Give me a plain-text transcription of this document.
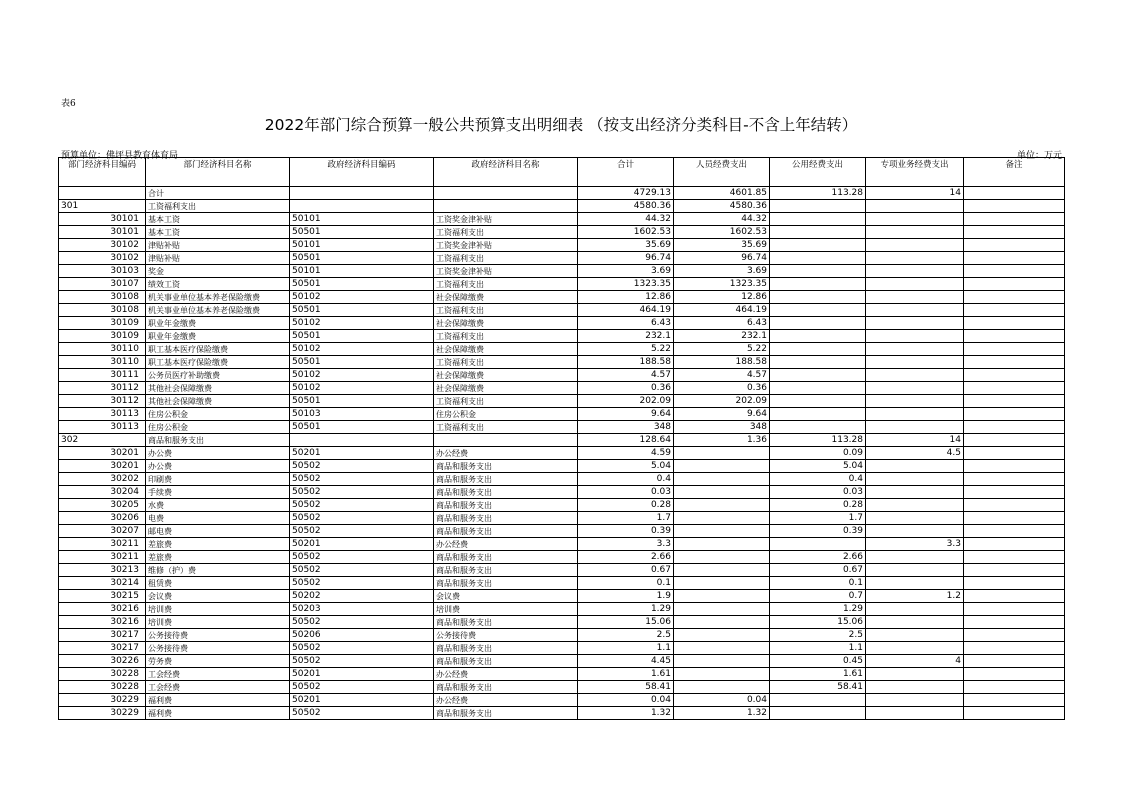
表6
2022年部门综合预算一般公共预算支出明细表 （按支出经济分类科目-不含上年结转）
预算单位：佛坪县教育体育局	单位：万元
部门经济科目编码	部门经济科目名称	政府经济科目编码	政府经济科目名称	合计	人员经费支出	公用经费支出	专项业务经费支出	备注
	合计			4729.13	4601.85	113.28	14	
301	工资福利支出			4580.36	4580.36			
30101	基本工资	50101	工资奖金津补贴	44.32	44.32			
30101	基本工资	50501	工资福利支出	1602.53	1602.53			
30102	津贴补贴	50101	工资奖金津补贴	35.69	35.69			
30102	津贴补贴	50501	工资福利支出	96.74	96.74			
30103	奖金	50101	工资奖金津补贴	3.69	3.69			
30107	绩效工资	50501	工资福利支出	1323.35	1323.35			
30108	机关事业单位基本养老保险缴费	50102	社会保障缴费	12.86	12.86			
30108	机关事业单位基本养老保险缴费	50501	工资福利支出	464.19	464.19			
30109	职业年金缴费	50102	社会保障缴费	6.43	6.43			
30109	职业年金缴费	50501	工资福利支出	232.1	232.1			
30110	职工基本医疗保险缴费	50102	社会保障缴费	5.22	5.22			
30110	职工基本医疗保险缴费	50501	工资福利支出	188.58	188.58			
30111	公务员医疗补助缴费	50102	社会保障缴费	4.57	4.57			
30112	其他社会保障缴费	50102	社会保障缴费	0.36	0.36			
30112	其他社会保障缴费	50501	工资福利支出	202.09	202.09			
30113	住房公积金	50103	住房公积金	9.64	9.64			
30113	住房公积金	50501	工资福利支出	348	348			
302	商品和服务支出			128.64	1.36	113.28	14	
30201	办公费	50201	办公经费	4.59		0.09	4.5	
30201	办公费	50502	商品和服务支出	5.04		5.04		
30202	印刷费	50502	商品和服务支出	0.4		0.4		
30204	手续费	50502	商品和服务支出	0.03		0.03		
30205	水费	50502	商品和服务支出	0.28		0.28		
30206	电费	50502	商品和服务支出	1.7		1.7		
30207	邮电费	50502	商品和服务支出	0.39		0.39		
30211	差旅费	50201	办公经费	3.3			3.3	
30211	差旅费	50502	商品和服务支出	2.66		2.66		
30213	维修（护）费	50502	商品和服务支出	0.67		0.67		
30214	租赁费	50502	商品和服务支出	0.1		0.1		
30215	会议费	50202	会议费	1.9		0.7	1.2	
30216	培训费	50203	培训费	1.29		1.29		
30216	培训费	50502	商品和服务支出	15.06		15.06		
30217	公务接待费	50206	公务接待费	2.5		2.5		
30217	公务接待费	50502	商品和服务支出	1.1		1.1		
30226	劳务费	50502	商品和服务支出	4.45		0.45	4	
30228	工会经费	50201	办公经费	1.61		1.61		
30228	工会经费	50502	商品和服务支出	58.41		58.41		
30229	福利费	50201	办公经费	0.04	0.04			
30229	福利费	50502	商品和服务支出	1.32	1.32			
